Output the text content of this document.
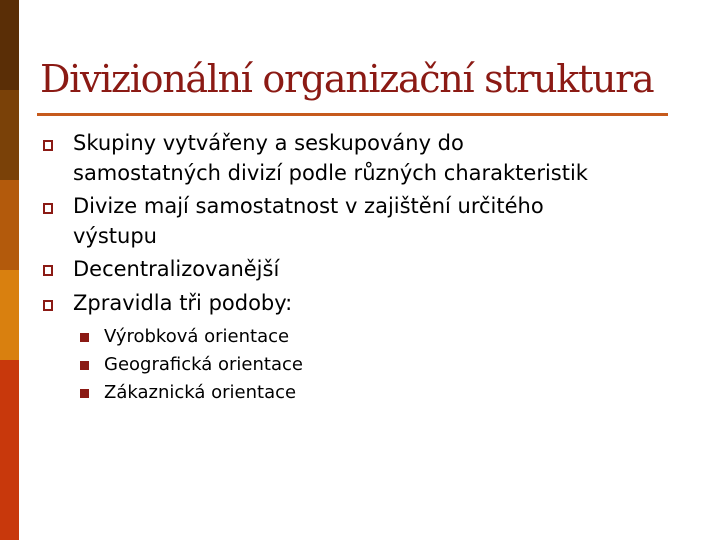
Divizionální organizační struktura
Skupiny vytvářeny a seskupovány do
samostatných divizí podle různých charakteristik
Divize mají samostatnost v zajištění určitého
výstupu
Decentralizovanější
Zpravidla tři podoby:
Výrobková orientace
Geografická orientace
Zákaznická orientace
